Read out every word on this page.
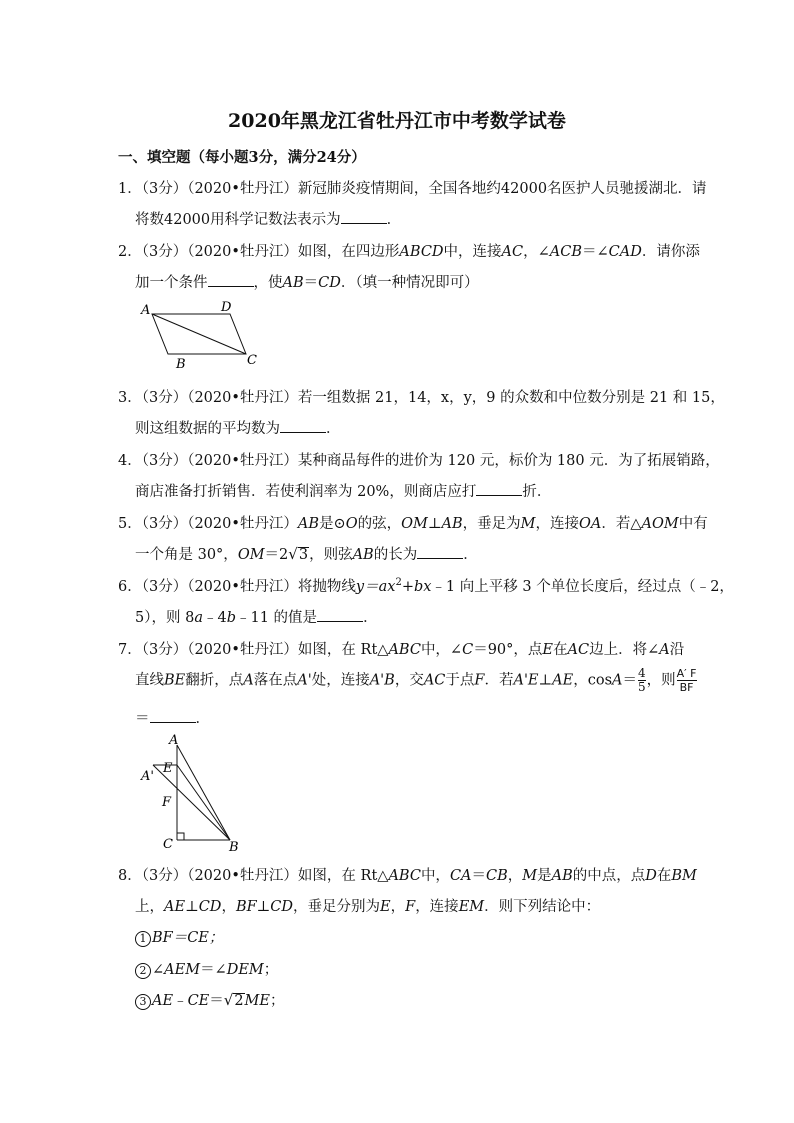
2020年黑龙江省牡丹江市中考数学试卷
一、填空题（每小题3分，满分24分）
1．（3分）（2020•牡丹江）新冠肺炎疫情期间，全国各地约42000名医护人员驰援湖北．请
将数42000用科学记数法表示为	．
2．（3分）（2020•牡丹江）如图，在四边形ABCD中，连接AC，∠ACB＝∠CAD．请你添
加一个条件	，使AB＝CD．（填一种情况即可）
A	D
B	C
3．（3分）（2020•牡丹江）若一组数据 21，14，x，y，9 的众数和中位数分别是 21 和 15，
则这组数据的平均数为	．
4．（3分）（2020•牡丹江）某种商品每件的进价为 120 元，标价为 180 元．为了拓展销路，
商店准备打折销售．若使利润率为 20%，则商店应打	折．
5．（3分）（2020•牡丹江）AB是⊙O的弦，OM⊥AB，垂足为M，连接OA．若△AOM中有
一个角是 30°，OM＝2√3，则弦AB的长为	．
6．（3分）（2020•牡丹江）将抛物线$y=ax^2+bx﹣1$ 向上平移 3 个单位长度后，经过点（﹣2，
5），则 8a﹣4b﹣11 的值是	．
7．（3分）（2020•牡丹江）如图，在 Rt△ABC中，∠C＝90°，点E在AC边上．将∠A沿
直线BE翻折，点A落在点A'处，连接A'B，交AC于点F．若A'E⊥AE，$\cos A= \frac{4}{5}$ ，则 $\frac{A' F}{BF}$
＝	．
A
A'
E
F
C	B
8．（3分）（2020•牡丹江）如图，在 Rt△ABC中，CA＝CB，M是AB的中点，点D在BM
上，AE⊥CD，BF⊥CD，垂足分别为E，F，连接EM．则下列结论中：
1 BF＝CE；
2 ∠AEM＝∠DEM；
3 AE﹣CE＝√2ME；
